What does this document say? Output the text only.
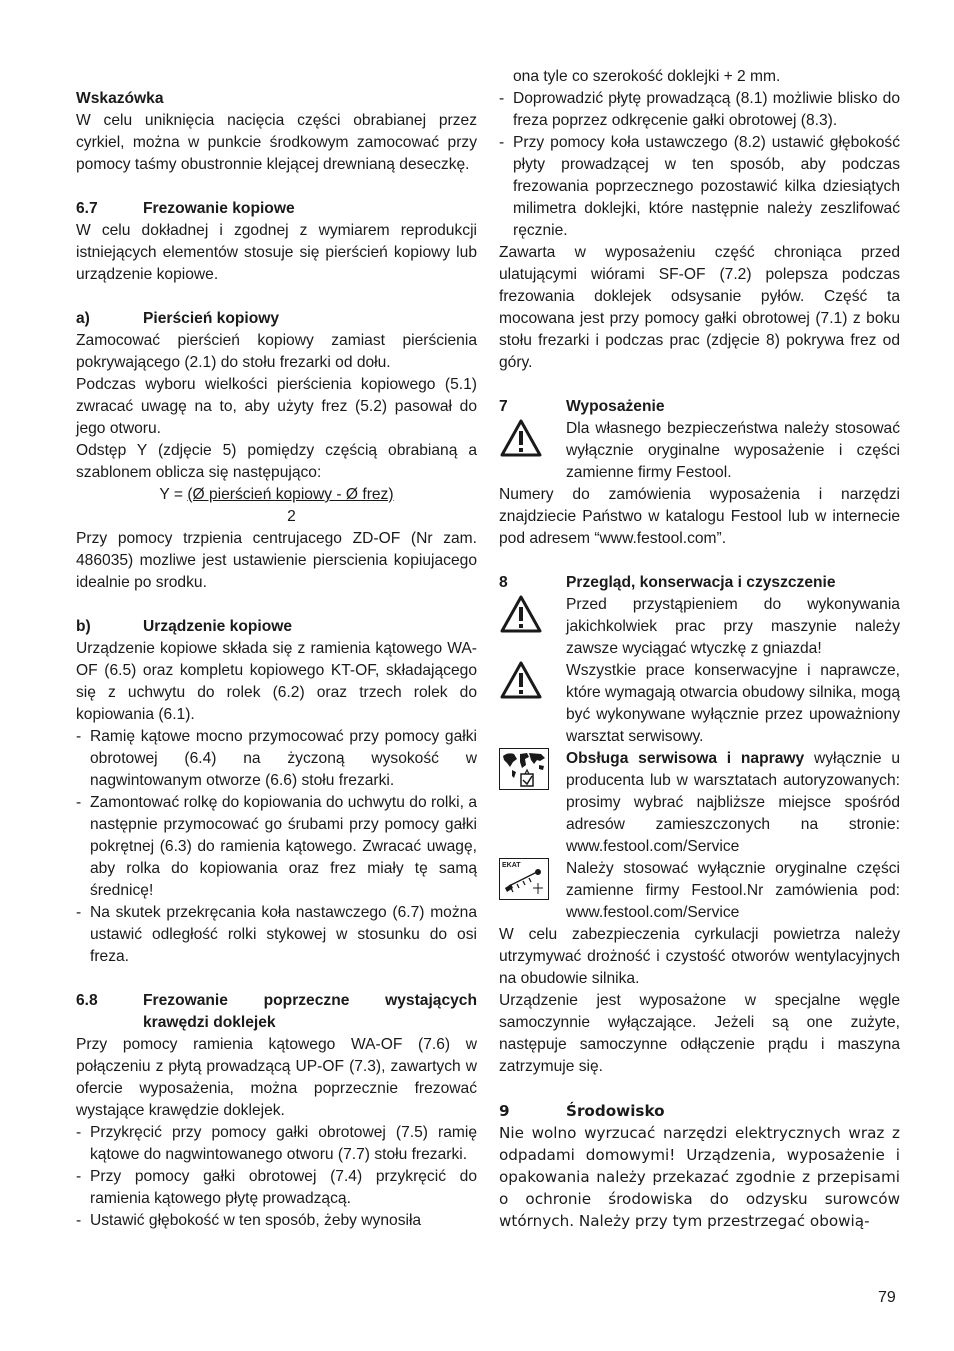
Wskazówka

W celu uniknięcia nacięcia części obrabianej przez cyrkiel, można w punkcie środkowym zamocować przy pomocy taśmy obustronnie klejącej drewnianą deseczkę.

6.7	Frezowanie kopiowe

W celu dokładnej i zgodnej z wymiarem reprodukcji istniejących elementów stosuje się pierścień kopiowy lub urządzenie kopiowe.

a)	Pierścień kopiowy

Zamocować pierścień kopiowy zamiast pierścienia pokrywającego (2.1) do stołu frezarki od dołu.

Podczas wyboru wielkości pierścienia kopiowego (5.1) zwracać uwagę na to, aby użyty frez (5.2) pasował do jego otworu.

Odstęp Y (zdjęcie 5) pomiędzy częścią obrabianą a szablonem oblicza się następująco:

Y = (Ø pierścień kopiowy - Ø frez)

2

Przy pomocy trzpienia centrujacego ZD-OF (Nr zam. 486035) mozliwe jest ustawienie pierscienia kopiujacego idealnie po srodku.

b)	Urządzenie kopiowe

Urządzenie kopiowe składa się z ramienia kątowego WA-OF (6.5) oraz kompletu kopiowego KT-OF, składającego się z uchwytu do rolek (6.2) oraz trzech rolek do kopiowania (6.1).

- Ramię kątowe mocno przymocować przy pomocy gałki obrotowej (6.4) na życzoną wysokość w nagwintowanym otworze (6.6) stołu frezarki.
- Zamontować rolkę do kopiowania do uchwytu do rolki, a następnie przymocować go śrubami przy pomocy gałki pokrętnej (6.3) do ramienia kątowego. Zwracać uwagę, aby rolka do kopiowania oraz frez miały tę samą średnicę!
- Na skutek przekręcania koła nastawczego (6.7) można ustawić odległość rolki stykowej w stosunku do osi freza.
6.8	Frezowanie poprzeczne wystających krawędzi doklejek

Przy pomocy ramienia kątowego WA-OF (7.6) w połączeniu z płytą prowadzącą UP-OF (7.3), zawartych w ofercie wyposażenia, można poprzecznie frezować wystające krawędzie doklejek.

- Przykręcić przy pomocy gałki obrotowej (7.5) ramię kątowe do nagwintowanego otworu (7.7) stołu frezarki.
- Przy pomocy gałki obrotowej (7.4) przykręcić do ramienia kątowego płytę prowadzącą.
- Ustawić głębokość w ten sposób, żeby wynosiła

ona tyle co szerokość doklejki + 2 mm.

- Doprowadzić płytę prowadzącą (8.1) możliwie blisko do freza poprzez odkręcenie gałki obrotowej (8.3).
- Przy pomocy koła ustawczego (8.2) ustawić głębokość płyty prowadzącej w ten sposób, aby podczas frezowania poprzecznego pozostawić kilka dziesiątych milimetra doklejki, które następnie należy zeszlifować ręcznie.

Zawarta w wyposażeniu część chroniąca przed ulatującymi wiórami SF-OF (7.2) polepsza podczas frezowania doklejek odsysanie pyłów. Część ta mocowana jest przy pomocy gałki obrotowej (7.1) z boku stołu frezarki i podczas prac (zdjęcie 8) pokrywa frez od góry.

7	Wyposażenie
Dla własnego bezpieczeństwa należy stosować wyłącznie oryginalne wyposażenie i części zamienne firmy Festool.

Numery do zamówienia wyposażenia i narzędzi znajdziecie Państwo w katalogu Festool lub w internecie pod adresem “www.festool.com”.

8	Przegląd, konserwacja i czyszczenie
Przed przystąpieniem do wykonywania jakichkolwiek prac przy maszynie należy zawsze wyciągać wtyczkę z gniazda!
Wszystkie prace konserwacyjne i naprawcze, które wymagają otwarcia obudowy silnika, mogą być wykonywane wyłącznie przez upoważniony warsztat serwisowy.
Obsługa serwisowa i naprawy wyłącznie u producenta lub w warsztatach autoryzowanych: prosimy wybrać najbliższe miejsce spośród adresów zamieszczonych na stronie: www.festool.com/Service
EKAT	Należy stosować wyłącznie oryginalne części zamienne firmy Festool.Nr zamówienia pod: www.festool.com/Service

W celu zabezpieczenia cyrkulacji powietrza należy utrzymywać drożność i czystość otworów wentylacyjnych na obudowie silnika.

Urządzenie jest wyposażone w specjalne węgle samoczynnie wyłączające. Jeżeli są one zużyte, następuje samoczynne odłączenie prądu i maszyna zatrzymuje się.

9	Środowisko

Nie wolno wyrzucać narzędzi elektrycznych wraz z odpadami domowymi! Urządzenia, wyposażenie i opakowania należy przekazać zgodnie z przepisami o ochronie środowiska do odzysku surowców wtórnych. Należy przy tym przestrzegać obowią-

79
